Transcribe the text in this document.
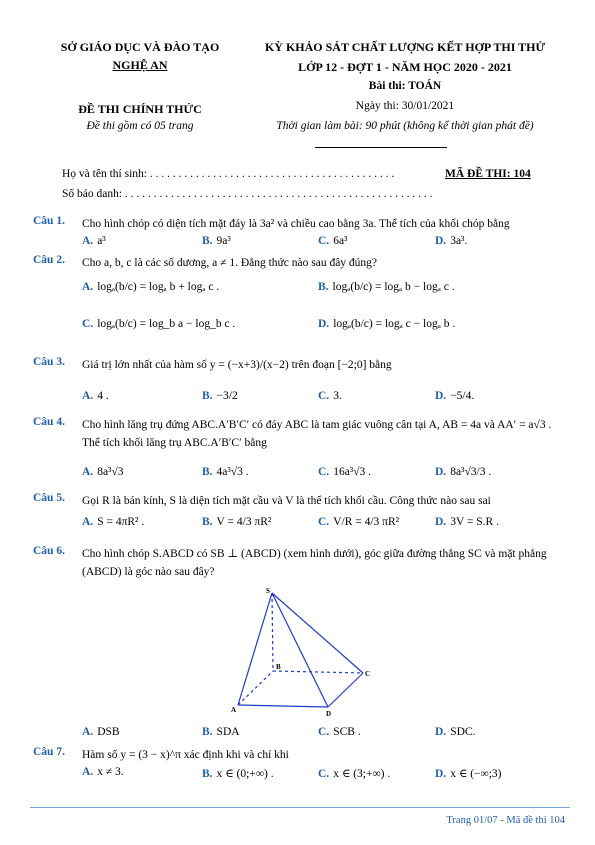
SỞ GIÁO DỤC VÀ ĐÀO TẠO
NGHỆ AN
ĐỀ THI CHÍNH THỨC
Đề thi gồm có 05 trang
KỲ KHẢO SÁT CHẤT LƯỢNG KẾT HỢP THI THỬ
LỚP 12 - ĐỢT 1 - NĂM HỌC 2020 - 2021
Bài thi: TOÁN
Ngày thi: 30/01/2021
Thời gian làm bài: 90 phút (không kể thời gian phát đề)
Họ và tên thí sinh: . . . . . . . . . . . . . . . . . . . . . . . . . . . . . . . . . . . . . . . . . . .
Số báo danh: . . . . . . . . . . . . . . . . . . . . . . . . . . . . . . . . . . . . . . . . . . . . . . . . . . . . . .
MÃ ĐỀ THI: 104
Câu 1. Cho hình chóp có diện tích mặt đáy là 3a² và chiều cao bằng 3a. Thể tích của khối chóp bằng
A. a³	B. 9a³	C. 6a³	D. 3a³.
Câu 2. Cho a, b, c là các số dương, a ≠ 1. Đẳng thức nào sau đây đúng?
A. logₐ(b/c) = logₐ b + logₐ c .	B. logₐ(b/c) = logₐ b − logₐ c .
C. logₐ(b/c) = log_b a − log_b c .	D. logₐ(b/c) = logₐ c − logₐ b .
Câu 3. Giá trị lớn nhất của hàm số y = (−x+3)/(x−2) trên đoạn [−2;0] bằng
A. 4 .	B. −3/2	C. 3.	D. −5/4.
Câu 4. Cho hình lăng trụ đứng ABC.A′B′C′ có đáy ABC là tam giác vuông cân tại A, AB = 4a và AA′ = a√3 . Thể tích khối lăng trụ ABC.A′B′C′ bằng
A. 8a³√3	B. 4a³√3 .	C. 16a³√3 .	D. 8a³√3/3 .
Câu 5. Gọi R là bán kính, S là diện tích mặt cầu và V là thể tích khối cầu. Công thức nào sau sai
A. S = 4πR² .	B. V = 4/3 πR²	C. V/R = 4/3 πR²	D. 3V = S.R .
Câu 6. Cho hình chóp S.ABCD có SB ⊥ (ABCD) (xem hình dưới), góc giữa đường thẳng SC và mặt phẳng (ABCD) là góc nào sau đây?
S
A
B
C
D
A. DSB	B. SDA	C. SCB .	D. SDC.
Câu 7. Hàm số y = (3 − x)^π xác định khi và chỉ khi
A. x ≠ 3.	B. x ∈ (0;+∞) .	C. x ∈ (3;+∞) .	D. x ∈ (−∞;3)
Trang 01/07 - Mã đề thi 104
